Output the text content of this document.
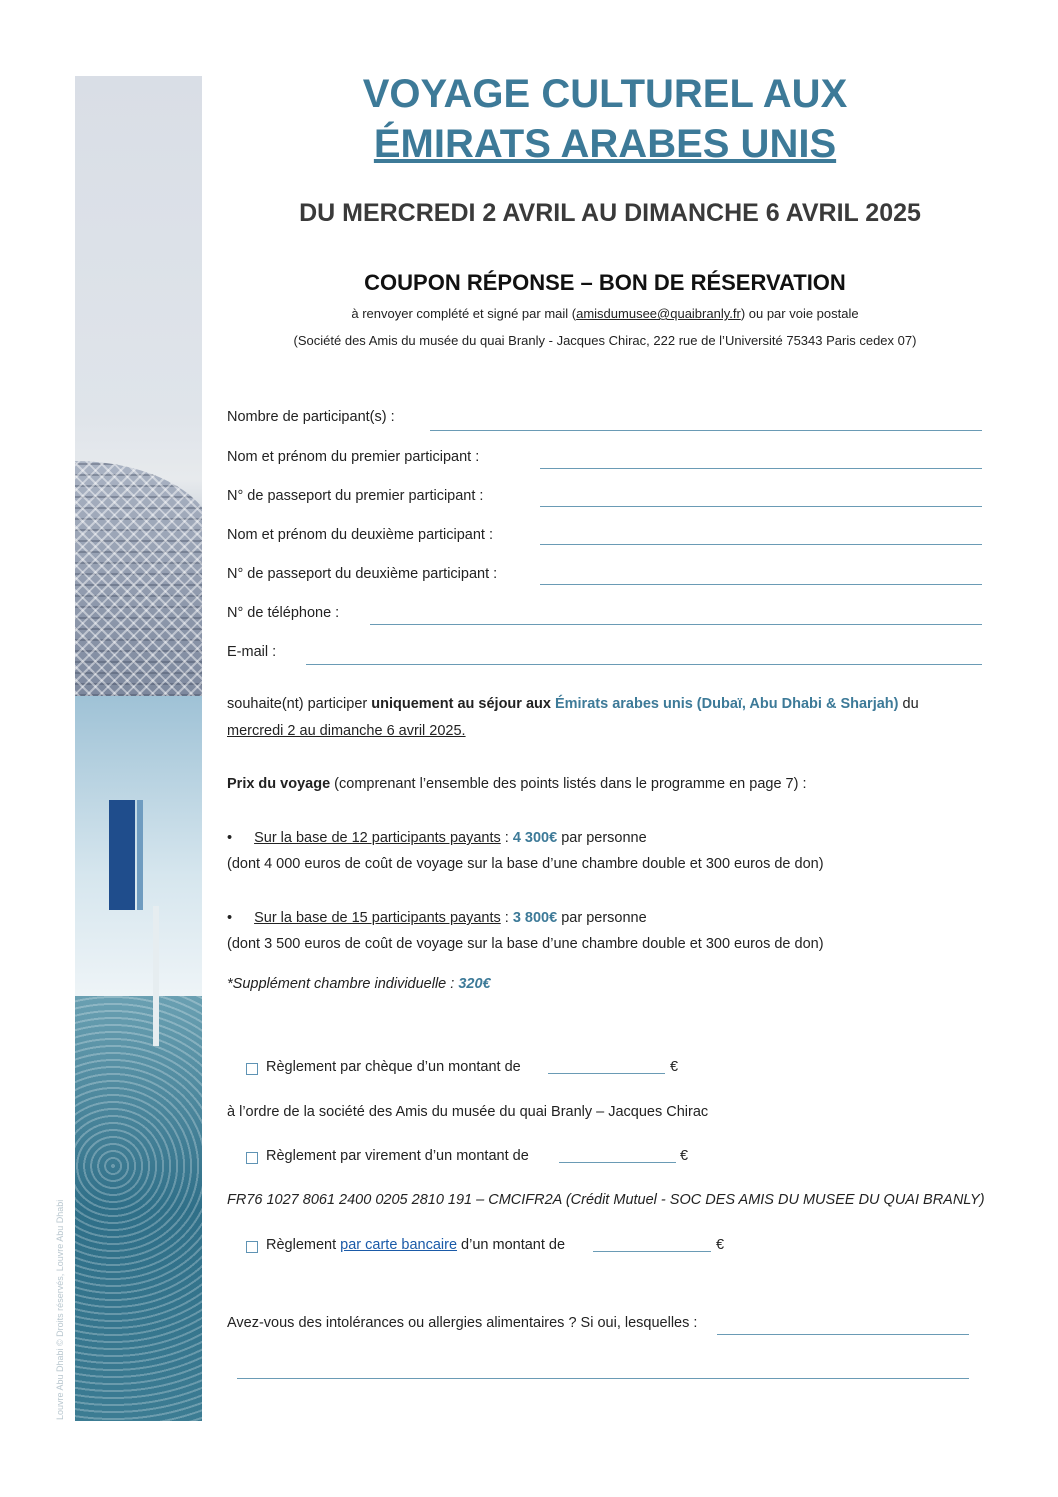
Louvre Abu Dhabi © Droits réservés, Louvre Abu Dhabi
VOYAGE CULTUREL AUX
ÉMIRATS ARABES UNIS
DU MERCREDI 2 AVRIL AU DIMANCHE 6 AVRIL 2025
COUPON RÉPONSE – BON DE RÉSERVATION
à renvoyer complété et signé par mail (amisdumusee@quaibranly.fr) ou par voie postale
(Société des Amis du musée du quai Branly - Jacques Chirac, 222 rue de l’Université 75343 Paris cedex 07)
Nombre de participant(s) :
Nom et prénom du premier participant :
N° de passeport du premier participant :
Nom et prénom du deuxième participant :
N° de passeport du deuxième participant :
N° de téléphone :
E-mail :
souhaite(nt) participer uniquement au séjour aux Émirats arabes unis (Dubaï, Abu Dhabi & Sharjah) du
mercredi 2 au dimanche 6 avril 2025.
Prix du voyage (comprenant l’ensemble des points listés dans le programme en page 7) :
• Sur la base de 12 participants payants : 4 300€ par personne
(dont 4 000 euros de coût de voyage sur la base d’une chambre double et 300 euros de don)
• Sur la base de 15 participants payants : 3 800€ par personne
(dont 3 500 euros de coût de voyage sur la base d’une chambre double et 300 euros de don)
*Supplément chambre individuelle : 320€
Règlement par chèque d’un montant de	€
à l’ordre de la société des Amis du musée du quai Branly – Jacques Chirac
Règlement par virement d’un montant de	€
FR76 1027 8061 2400 0205 2810 191 – CMCIFR2A (Crédit Mutuel - SOC DES AMIS DU MUSEE DU QUAI BRANLY)
Règlement par carte bancaire d’un montant de	€
Avez-vous des intolérances ou allergies alimentaires ? Si oui, lesquelles :
